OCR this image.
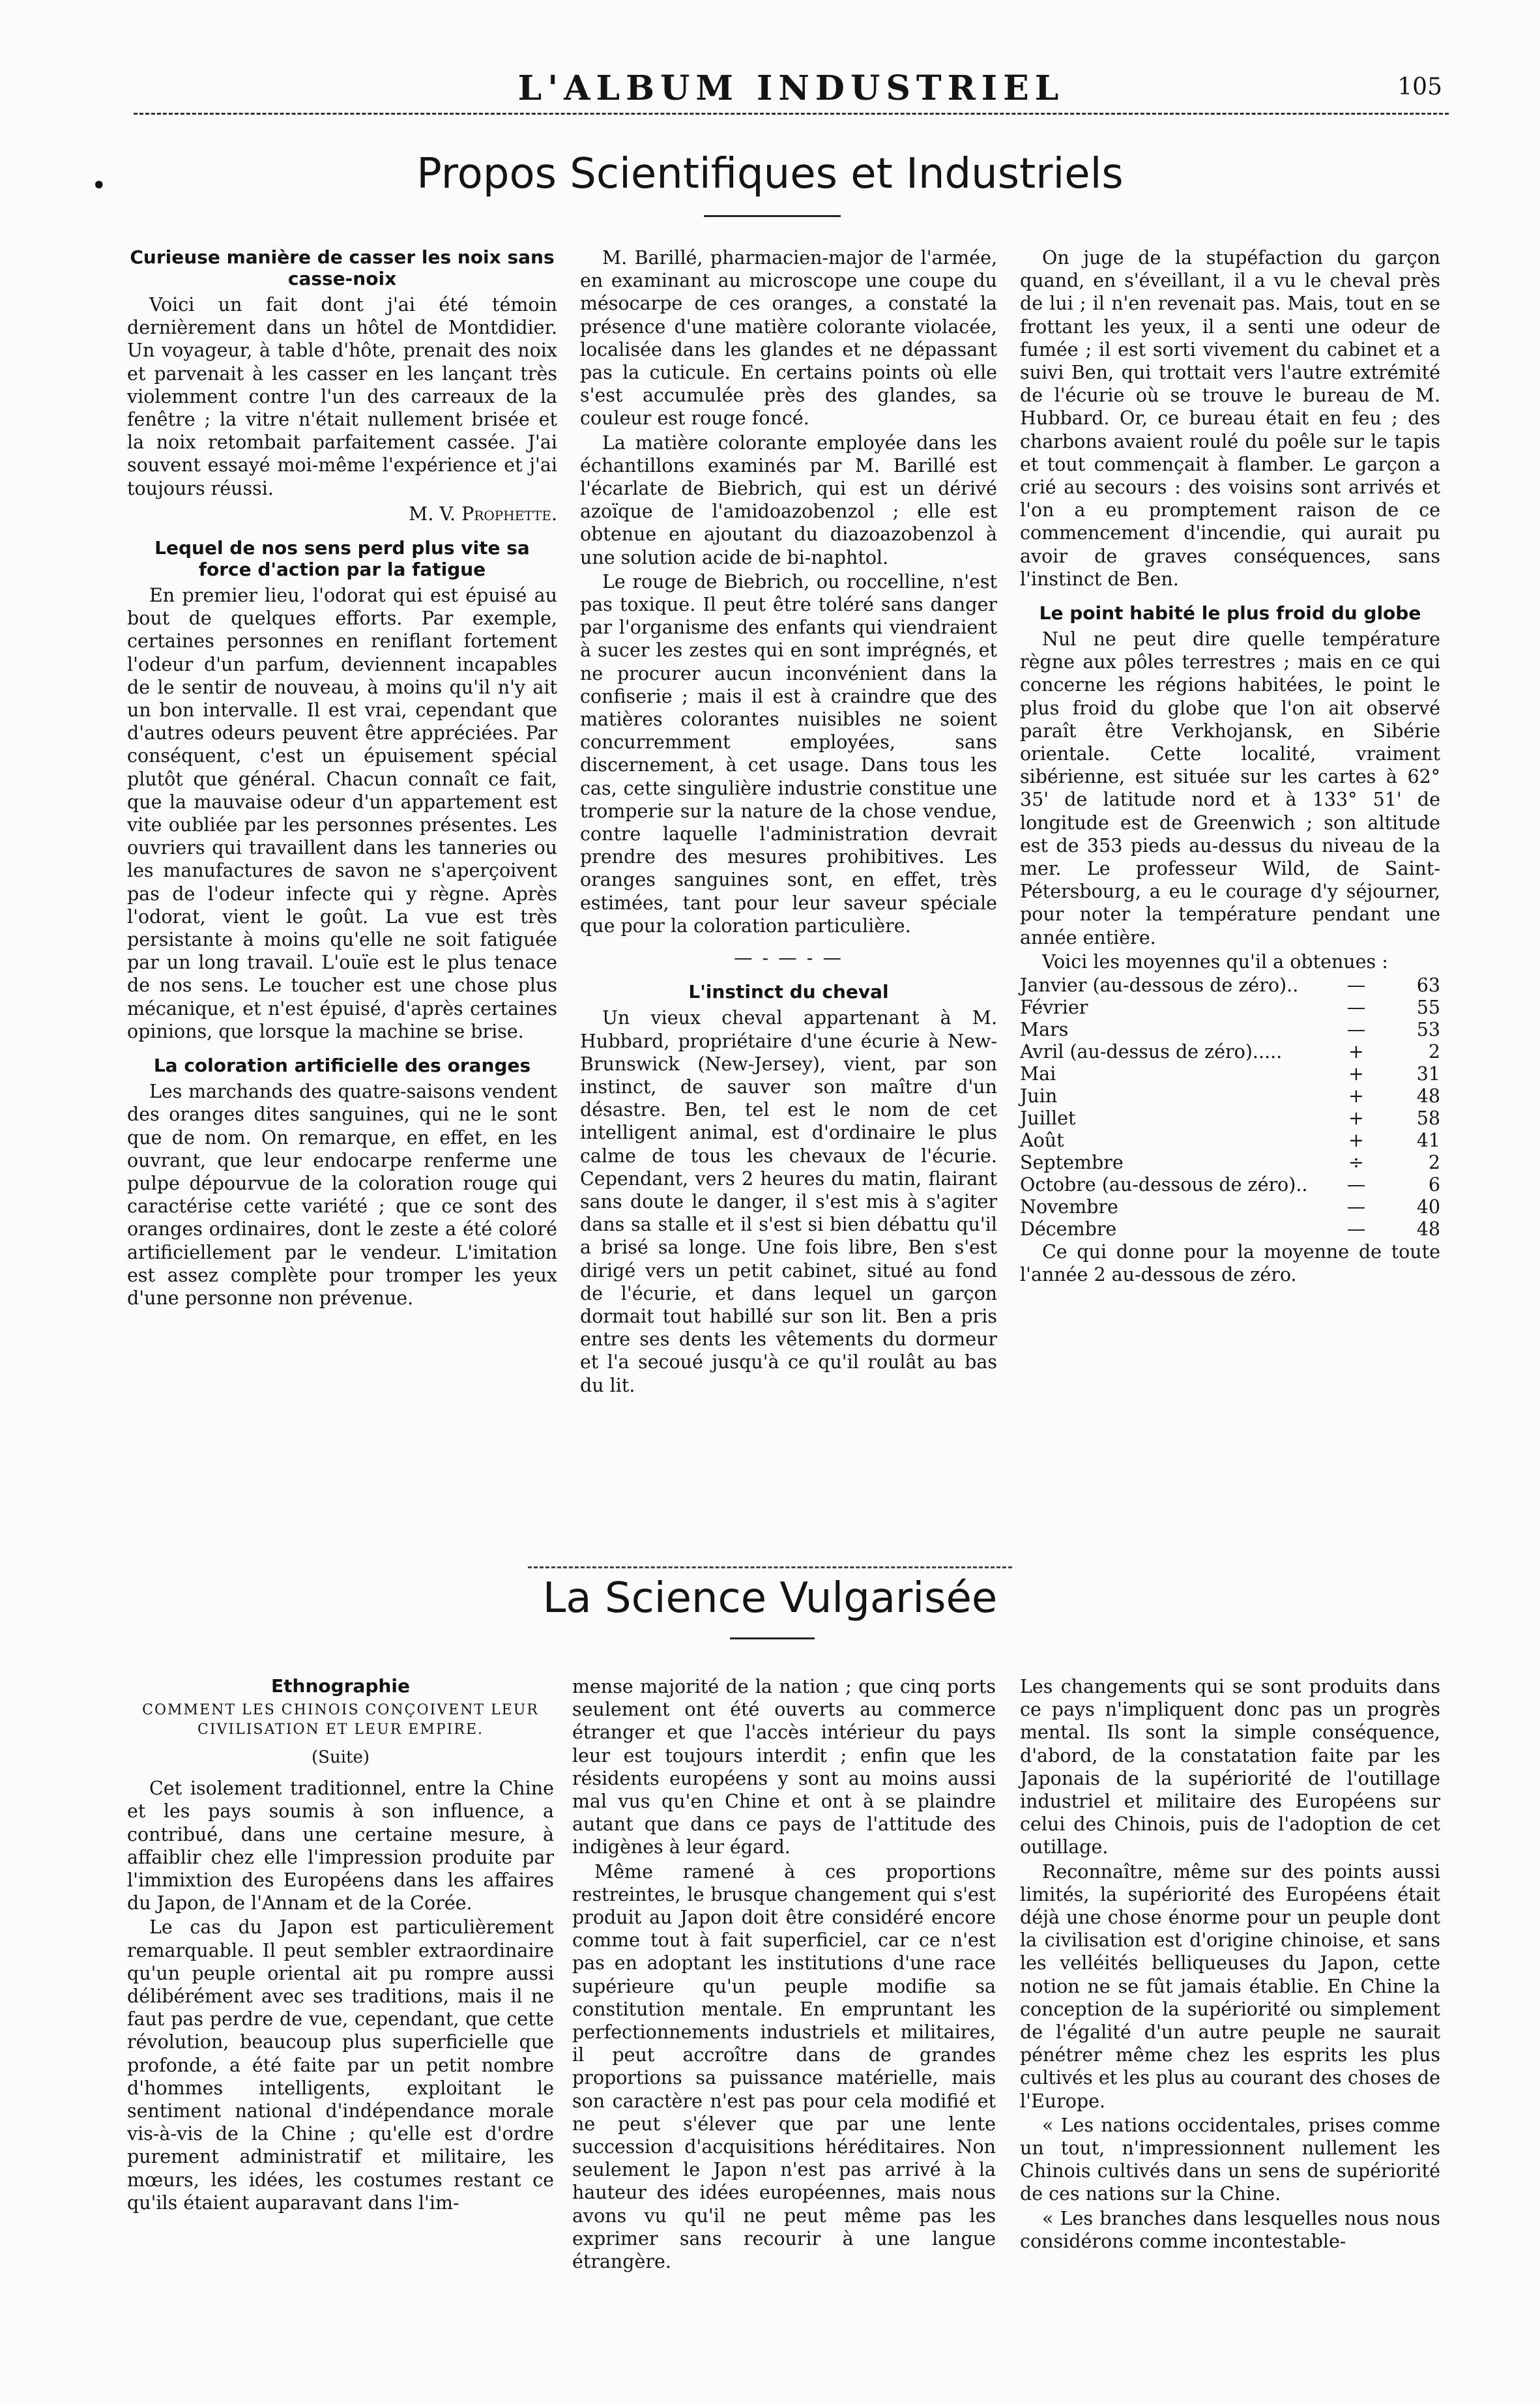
•
L'ALBUM INDUSTRIEL	105
Propos Scientifiques et Industriels
Curieuse manière de casser les noix sans casse-noix

Voici un fait dont j'ai été témoin dernièrement dans un hôtel de Montdidier. Un voyageur, à table d'hôte, prenait des noix et parvenait à les casser en les lançant très violemment contre l'un des carreaux de la fenêtre ; la vitre n'était nullement brisée et la noix retombait parfaitement cassée. J'ai souvent essayé moi-même l'expérience et j'ai toujours réussi.

M. V. Prophette.
Lequel de nos sens perd plus vite sa force d'action par la fatigue

En premier lieu, l'odorat qui est épuisé au bout de quelques efforts. Par exemple, certaines personnes en reniflant fortement l'odeur d'un parfum, deviennent incapables de le sentir de nouveau, à moins qu'il n'y ait un bon intervalle. Il est vrai, cependant que d'autres odeurs peuvent être appréciées. Par conséquent, c'est un épuisement spécial plutôt que général. Chacun connaît ce fait, que la mauvaise odeur d'un appartement est vite oubliée par les personnes présentes. Les ouvriers qui travaillent dans les tanneries ou les manufactures de savon ne s'aperçoivent pas de l'odeur infecte qui y règne. Après l'odorat, vient le goût. La vue est très persistante à moins qu'elle ne soit fatiguée par un long travail. L'ouïe est le plus tenace de nos sens. Le toucher est une chose plus mécanique, et n'est épuisé, d'après certaines opinions, que lorsque la machine se brise.

La coloration artificielle des oranges

Les marchands des quatre-saisons vendent des oranges dites sanguines, qui ne le sont que de nom. On remarque, en effet, en les ouvrant, que leur endocarpe renferme une pulpe dépourvue de la coloration rouge qui caractérise cette variété ; que ce sont des oranges ordinaires, dont le zeste a été coloré artificiellement par le vendeur. L'imitation est assez complète pour tromper les yeux d'une personne non prévenue.

M. Barillé, pharmacien-major de l'armée, en examinant au microscope une coupe du mésocarpe de ces oranges, a constaté la présence d'une matière colorante violacée, localisée dans les glandes et ne dépassant pas la cuticule. En certains points où elle s'est accumulée près des glandes, sa couleur est rouge foncé.

La matière colorante employée dans les échantillons examinés par M. Barillé est l'écarlate de Biebrich, qui est un dérivé azoïque de l'amidoazobenzol ; elle est obtenue en ajoutant du diazoazobenzol à une solution acide de bi-naphtol.

Le rouge de Biebrich, ou roccelline, n'est pas toxique. Il peut être toléré sans danger par l'organisme des enfants qui viendraient à sucer les zestes qui en sont imprégnés, et ne procurer aucun inconvénient dans la confiserie ; mais il est à craindre que des matières colorantes nuisibles ne soient concurremment employées, sans discernement, à cet usage. Dans tous les cas, cette singulière industrie constitue une tromperie sur la nature de la chose vendue, contre laquelle l'administration devrait prendre des mesures prohibitives. Les oranges sanguines sont, en effet, très estimées, tant pour leur saveur spéciale que pour la coloration particulière.

— - — - —
L'instinct du cheval

Un vieux cheval appartenant à M. Hubbard, propriétaire d'une écurie à New-Brunswick (New-Jersey), vient, par son instinct, de sauver son maître d'un désastre. Ben, tel est le nom de cet intelligent animal, est d'ordinaire le plus calme de tous les chevaux de l'écurie. Cependant, vers 2 heures du matin, flairant sans doute le danger, il s'est mis à s'agiter dans sa stalle et il s'est si bien débattu qu'il a brisé sa longe. Une fois libre, Ben s'est dirigé vers un petit cabinet, situé au fond de l'écurie, et dans lequel un garçon dormait tout habillé sur son lit. Ben a pris entre ses dents les vêtements du dormeur et l'a secoué jusqu'à ce qu'il roulât au bas du lit.

On juge de la stupéfaction du garçon quand, en s'éveillant, il a vu le cheval près de lui ; il n'en revenait pas. Mais, tout en se frottant les yeux, il a senti une odeur de fumée ; il est sorti vivement du cabinet et a suivi Ben, qui trottait vers l'autre extrémité de l'écurie où se trouve le bureau de M. Hubbard. Or, ce bureau était en feu ; des charbons avaient roulé du poêle sur le tapis et tout commençait à flamber. Le garçon a crié au secours : des voisins sont arrivés et l'on a eu promptement raison de ce commencement d'incendie, qui aurait pu avoir de graves conséquences, sans l'instinct de Ben.

Le point habité le plus froid du globe

Nul ne peut dire quelle température règne aux pôles terrestres ; mais en ce qui concerne les régions habitées, le point le plus froid du globe que l'on ait observé paraît être Verkhojansk, en Sibérie orientale. Cette localité, vraiment sibérienne, est située sur les cartes à 62° 35' de latitude nord et à 133° 51' de longitude est de Greenwich ; son altitude est de 353 pieds au-dessus du niveau de la mer. Le professeur Wild, de Saint-Pétersbourg, a eu le courage d'y séjourner, pour noter la température pendant une année entière.

Voici les moyennes qu'il a obtenues :

Janvier (au-dessous de zéro)..	—	63
Février	—	55
Mars	—	53
Avril (au-dessus de zéro).....	+	2
Mai	+	31
Juin	+	48
Juillet	+	58
Août	+	41
Septembre	÷	2
Octobre (au-dessous de zéro)..	—	6
Novembre	—	40
Décembre	—	48

Ce qui donne pour la moyenne de toute l'année 2 au-dessous de zéro.

La Science Vulgarisée
Ethnographie
COMMENT LES CHINOIS CONÇOIVENT LEUR CIVILISATION ET LEUR EMPIRE.
(Suite)

Cet isolement traditionnel, entre la Chine et les pays soumis à son influence, a contribué, dans une certaine mesure, à affaiblir chez elle l'impression produite par l'immixtion des Européens dans les affaires du Japon, de l'Annam et de la Corée.

Le cas du Japon est particulièrement remarquable. Il peut sembler extraordinaire qu'un peuple oriental ait pu rompre aussi délibérément avec ses traditions, mais il ne faut pas perdre de vue, cependant, que cette révolution, beaucoup plus superficielle que profonde, a été faite par un petit nombre d'hommes intelligents, exploitant le sentiment national d'indépendance morale vis-à-vis de la Chine ; qu'elle est d'ordre purement administratif et militaire, les mœurs, les idées, les costumes restant ce qu'ils étaient auparavant dans l'im-

mense majorité de la nation ; que cinq ports seulement ont été ouverts au commerce étranger et que l'accès intérieur du pays leur est toujours interdit ; enfin que les résidents européens y sont au moins aussi mal vus qu'en Chine et ont à se plaindre autant que dans ce pays de l'attitude des indigènes à leur égard.

Même ramené à ces proportions restreintes, le brusque changement qui s'est produit au Japon doit être considéré encore comme tout à fait superficiel, car ce n'est pas en adoptant les institutions d'une race supérieure qu'un peuple modifie sa constitution mentale. En empruntant les perfectionnements industriels et militaires, il peut accroître dans de grandes proportions sa puissance matérielle, mais son caractère n'est pas pour cela modifié et ne peut s'élever que par une lente succession d'acquisitions héréditaires. Non seulement le Japon n'est pas arrivé à la hauteur des idées européennes, mais nous avons vu qu'il ne peut même pas les exprimer sans recourir à une langue étrangère.

Les changements qui se sont produits dans ce pays n'impliquent donc pas un progrès mental. Ils sont la simple conséquence, d'abord, de la constatation faite par les Japonais de la supériorité de l'outillage industriel et militaire des Européens sur celui des Chinois, puis de l'adoption de cet outillage.

Reconnaître, même sur des points aussi limités, la supériorité des Européens était déjà une chose énorme pour un peuple dont la civilisation est d'origine chinoise, et sans les velléités belliqueuses du Japon, cette notion ne se fût jamais établie. En Chine la conception de la supériorité ou simplement de l'égalité d'un autre peuple ne saurait pénétrer même chez les esprits les plus cultivés et les plus au courant des choses de l'Europe.

« Les nations occidentales, prises comme un tout, n'impressionnent nullement les Chinois cultivés dans un sens de supériorité de ces nations sur la Chine.

« Les branches dans lesquelles nous nous considérons comme incontestable-
